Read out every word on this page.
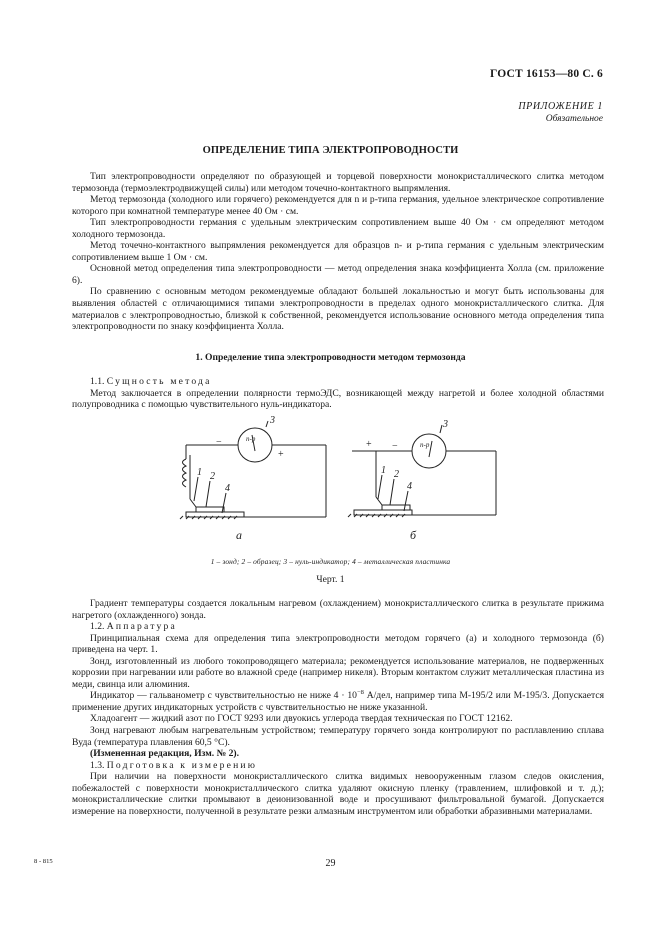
ГОСТ 16153—80 С. 6
ПРИЛОЖЕНИЕ 1
Обязательное
ОПРЕДЕЛЕНИЕ ТИПА ЭЛЕКТРОПРОВОДНОСТИ

Тип электропроводности определяют по образующей и торцевой поверхности монокристаллического слитка методом термозонда (термоэлектродвижущей силы) или методом точечно-контактного выпрямления.

Метод термозонда (холодного или горячего) рекомендуется для n и p-типа германия, удельное электрическое сопротивление которого при комнатной температуре менее 40 Ом · см.

Тип электропроводности германия с удельным электрическим сопротивлением выше 40 Ом · см определяют методом холодного термозонда.

Метод точечно-контактного выпрямления рекомендуется для образцов n- и p-типа германия с удельным электрическим сопротивлением выше 1 Ом · см.

Основной метод определения типа электропроводности — метод определения знака коэффициента Холла (см. приложение 6).

По сравнению с основным методом рекомендуемые обладают большей локальностью и могут быть использованы для выявления областей с отличающимися типами электропроводности в пределах одного монокристаллического слитка. Для материалов с электропроводностью, близкой к собственной, рекомендуется использование основного метода определения типа электропроводности по знаку коэффициента Холла.

1. Определение типа электропроводности методом термозонда

1.1. Сущность метода

Метод заключается в определении полярности термоЭДС, возникающей между нагретой и более холодной областями полупроводника с помощью чувствительного нуль-индикатора.

n-p
3
−
+
1 2
4
а
n-p
3
+ −
1 2
4
б
1 – зонд; 2 – образец; 3 – нуль-индикатор; 4 – металлическая пластинка
Черт. 1

Градиент температуры создается локальным нагревом (охлаждением) монокристаллического слитка в результате прижима нагретого (охлажденного) зонда.

1.2. Аппаратура

Принципиальная схема для определения типа электропроводности методом горячего (а) и холодного термозонда (б) приведена на черт. 1.

Зонд, изготовленный из любого токопроводящего материала; рекомендуется использование материалов, не подверженных коррозии при нагревании или работе во влажной среде (например никеля). Вторым контактом служит металлическая пластина из меди, свинца или алюминия.

Индикатор — гальванометр с чувствительностью не ниже $4 \cdot 10^{-8}$ А/дел, например типа М-195/2 или М-195/3. Допускается применение других индикаторных устройств с чувствительностью не ниже указанной.

Хладоагент — жидкий азот по ГОСТ 9293 или двуокись углерода твердая техническая по ГОСТ 12162.

Зонд нагревают любым нагревательным устройством; температуру горячего зонда контролируют по расплавлению сплава Вуда (температура плавления 60,5 °С).

(Измененная редакция, Изм. № 2).

1.3. Подготовка к измерению

При наличии на поверхности монокристаллического слитка видимых невооруженным глазом следов окисления, побежалостей с поверхности монокристаллического слитка удаляют окисную пленку (травлением, шлифовкой и т. д.); монокристаллические слитки промывают в деионизованной воде и просушивают фильтровальной бумагой. Допускается измерение на поверхности, полученной в результате резки алмазным инструментом или обработки абразивными материалами.

8 - 815	29
